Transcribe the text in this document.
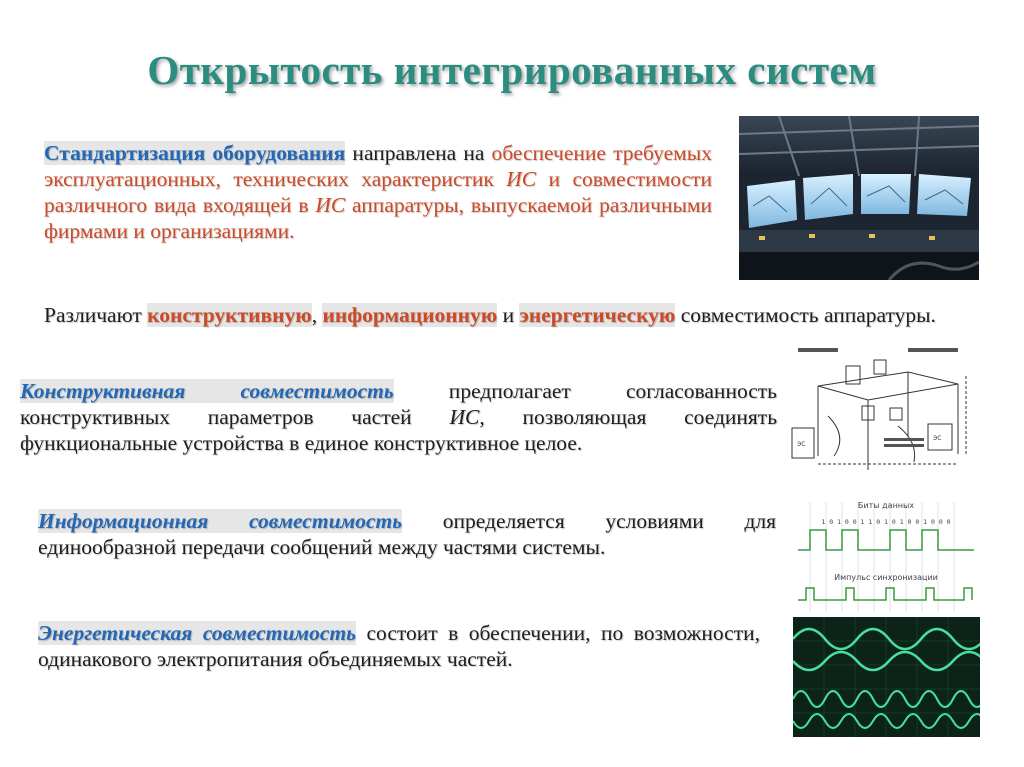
Открытость интегрированных систем
Стандартизация оборудования направлена на обеспечение требуемых эксплуатационных, технических характеристик ИС и совместимости различного вида входящей в ИС аппаратуры, выпускаемой различными фирмами и организациями.
Различают конструктивную, информационную и энергетическую совместимость аппаратуры.
Конструктивная совместимость предполагает согласованность конструктивных параметров частей ИС, позволяющая соединять функциональные устройства в единое конструктивное целое.
Информационная совместимость определяется условиями для единообразной передачи сообщений между частями системы.
Энергетическая совместимость состоит в обеспечении, по возможности, одинакового электропитания объединяемых частей.
ЭС
ЭС
Биты данных
1 0 1 0 0 1 1 0 1 0 1 0 0 1 0 0 0
Импульс синхронизации
